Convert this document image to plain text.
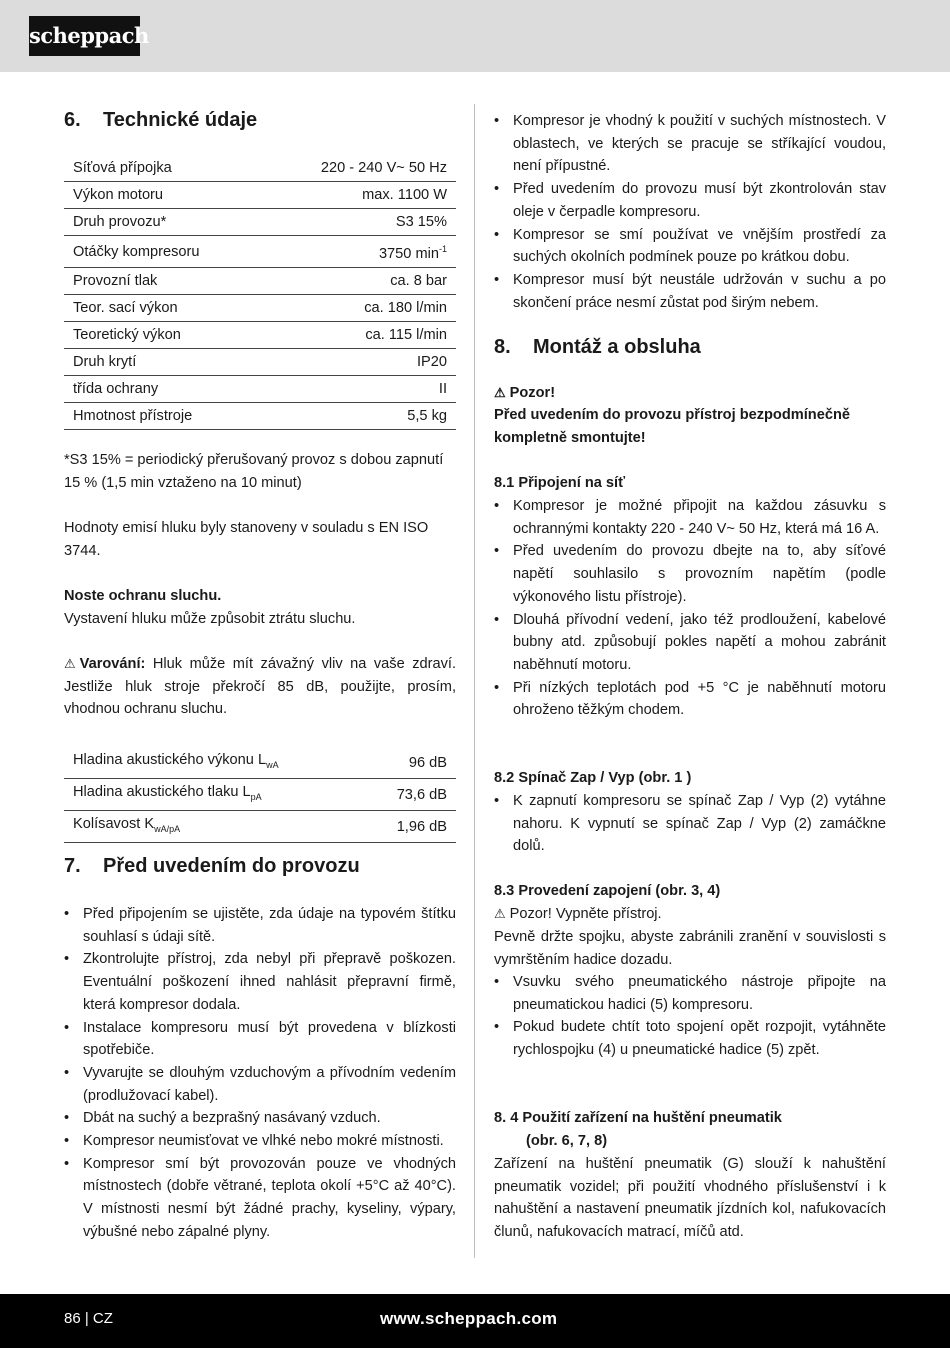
scheppach
6. Technické údaje
Síťová přípojka	220 - 240 V~ 50 Hz
Výkon motoru	max. 1100 W
Druh provozu*	S3 15%
Otáčky kompresoru	3750 $\min^{-1}$
Provozní tlak	ca. 8 bar
Teor. sací výkon	ca. 180 l/min
Teoretický výkon	ca. 115 l/min
Druh krytí	IP20
třída ochrany	II
Hmotnost přístroje	5,5 kg

*S3 15% = periodický přerušovaný provoz s dobou zapnutí 15 % (1,5 min vztaženo na 10 minut)

Hodnoty emisí hluku byly stanoveny v souladu s EN ISO 3744.

Noste ochranu sluchu.

Vystavení hluku může způsobit ztrátu sluchu.

⚠ Varování: Hluk může mít závažný vliv na vaše zdraví. Jestliže hluk stroje překročí 85 dB, použijte, prosím, vhodnou ochranu sluchu.

Hladina akustického výkonu $L_{wA}$	96 dB
Hladina akustického tlaku $L_{pA}$	73,6 dB
Kolísavost $K_{wA/pA}$	1,96 dB
7. Před uvedením do provozu
• Před připojením se ujistěte, zda údaje na typovém štítku souhlasí s údaji sítě.
• Zkontrolujte přístroj, zda nebyl při přepravě poškozen. Eventuální poškození ihned nahlásit přepravní firmě, která kompresor dodala.
• Instalace kompresoru musí být provedena v blízkosti spotřebiče.
• Vyvarujte se dlouhým vzduchovým a přívodním vedením (prodlužovací kabel).
• Dbát na suchý a bezprašný nasávaný vzduch.
• Kompresor neumisťovat ve vlhké nebo mokré místnosti.
• Kompresor smí být provozován pouze ve vhodných místnostech (dobře větrané, teplota okolí +5°C až 40°C). V místnosti nesmí být žádné prachy, kyseliny, výpary, výbušné nebo zápalné plyny.
• Kompresor je vhodný k použití v suchých místnostech. V oblastech, ve kterých se pracuje se stříkající voudou, není přípustné.
• Před uvedením do provozu musí být zkontrolován stav oleje v čerpadle kompresoru.
• Kompresor se smí používat ve vnějším prostředí za suchých okolních podmínek pouze po krátkou dobu.
• Kompresor musí být neustále udržován v suchu a po skončení práce nesmí zůstat pod širým nebem.
8. Montáž a obsluha

⚠ Pozor!

Před uvedením do provozu přístroj bezpodmínečně kompletně smontujte!

8.1 Připojení na síť

• Kompresor je možné připojit na každou zásuvku s ochrannými kontakty 220 - 240 V~ 50 Hz, která má 16 A.
• Před uvedením do provozu dbejte na to, aby síťové napětí souhlasilo s provozním napětím (podle výkonového listu přístroje).
• Dlouhá přívodní vedení, jako též prodloužení, kabelové bubny atd. způsobují pokles napětí a mohou zabránit naběhnutí motoru.
• Při nízkých teplotách pod +5 °C je naběhnutí motoru ohroženo těžkým chodem.

8.2 Spínač Zap / Vyp (obr. 1 )

• K zapnutí kompresoru se spínač Zap / Vyp (2) vytáhne nahoru. K vypnutí se spínač Zap / Vyp (2) zamáčkne dolů.

8.3 Provedení zapojení (obr. 3, 4)

⚠ Pozor! Vypněte přístroj.

Pevně držte spojku, abyste zabránili zranění v souvislosti s vymrštěním hadice dozadu.

• Vsuvku svého pneumatického nástroje připojte na pneumatickou hadici (5) kompresoru.
• Pokud budete chtít toto spojení opět rozpojit, vytáhněte rychlospojku (4) u pneumatické hadice (5) zpět.

8. 4 Použití zařízení na huštění pneumatik

(obr. 6, 7, 8)

Zařízení na huštění pneumatik (G) slouží k nahuštění pneumatik vozidel; při použití vhodného příslušenství i k nahuštění a nastavení pneumatik jízdních kol, nafukovacích člunů, nafukovacích matrací, míčů atd.

86 | CZ	www.scheppach.com
